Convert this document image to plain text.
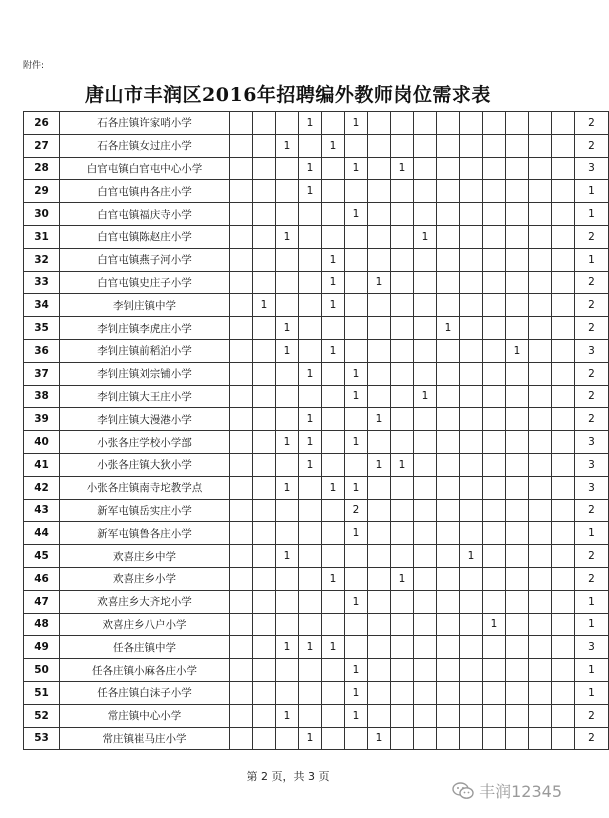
附件:
唐山市丰润区2016年招聘编外教师岗位需求表
26	石各庄镇许家哨小学				1		1										2
27	石各庄镇女过庄小学			1		1											2
28	白官屯镇白官屯中心小学				1		1		1								3
29	白官屯镇冉各庄小学				1												1
30	白官屯镇福庆寺小学						1										1
31	白官屯镇陈赵庄小学			1						1							2
32	白官屯镇燕子河小学					1											1
33	白官屯镇史庄子小学					1		1									2
34	李钊庄镇中学		1			1											2
35	李钊庄镇李虎庄小学			1							1						2
36	李钊庄镇前稻泊小学			1		1								1			3
37	李钊庄镇刘宗铺小学				1		1										2
38	李钊庄镇大王庄小学						1			1							2
39	李钊庄镇大漫港小学				1			1									2
40	小张各庄学校小学部			1	1		1										3
41	小张各庄镇大狄小学				1			1	1								3
42	小张各庄镇南寺坨教学点			1		1	1										3
43	新军屯镇岳实庄小学						2										2
44	新军屯镇鲁各庄小学						1										1
45	欢喜庄乡中学			1								1					2
46	欢喜庄乡小学					1			1								2
47	欢喜庄乡大齐坨小学						1										1
48	欢喜庄乡八户小学												1				1
49	任各庄镇中学			1	1	1											3
50	任各庄镇小麻各庄小学						1										1
51	任各庄镇白沫子小学						1										1
52	常庄镇中心小学			1			1										2
53	常庄镇崔马庄小学				1			1									2
第 2 页，共 3 页
丰润12345
